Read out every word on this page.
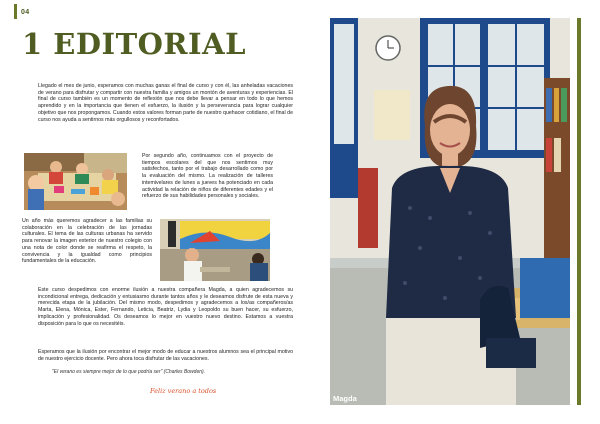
04
1 EDITORIAL

Llegado el mes de junio, esperamos con muchas ganas el final de curso y con él, las anheladas vacaciones de verano para disfrutar y compartir con nuestra familia y amigos un montón de aventuras y experiencias. El final de curso también es un momento de reflexión que nos debe llevar a pensar en todo lo que hemos aprendido y en la importancia que tienen el esfuerzo, la ilusión y la perseverancia para lograr cualquier objetivo que nos propongamos. Cuando estos valores forman parte de nuestro quehacer cotidiano, el final de curso nos ayuda a sentirnos más orgullosos y reconfortados.

Por segundo año, continuamos con el proyecto de tiempos escolares del que nos sentimos muy satisfechos, tanto por el trabajo desarrollado como por la evaluación del mismo. La realización de talleres intemivelares de lunes a jueves ha potenciado en cada actividad la relación de niños de diferentes edades y el refuerzo de sus habilidades personales y sociales.

Un año más queremos agradecer a las familias su colaboración en la celebración de las jornadas culturales. El tema de las culturas urbanas ha servido para renovar la imagen exterior de nuestro colegio con una nota de color donde se reafirma el respeto, la convivencia y la igualdad como principios fundamentales de la educación.

Este curso despedimos con enorme ilusión a nuestra compañera Magda, a quien agradecemos su incondicional entrega, dedicación y entusiasmo durante tantos años y le deseamos disfrute de esta nueva y merecida etapa de la jubilación. Del mismo modo, despedimos y agradecemos a los/as compañeros/as Marta, Elena, Mónica, Ester, Fernando, Leticia, Beatriz, Lydia y Leopoldo su buen hacer, su esfuerzo, implicación y profesionalidad. Os deseamos lo mejor en vuestro nuevo destino. Estamos a vuestra disposición para lo que os necesitéis.

Esperamos que la ilusión por encontrar el mejor modo de educar a nuestros alumnos sea el principal motivo de nuestro ejercicio docente. Pero ahora toca disfrutar de las vacaciones.

"El verano es siempre mejor de lo que podría ser" (Charles Bowden).
Feliz verano a todos
Magda
